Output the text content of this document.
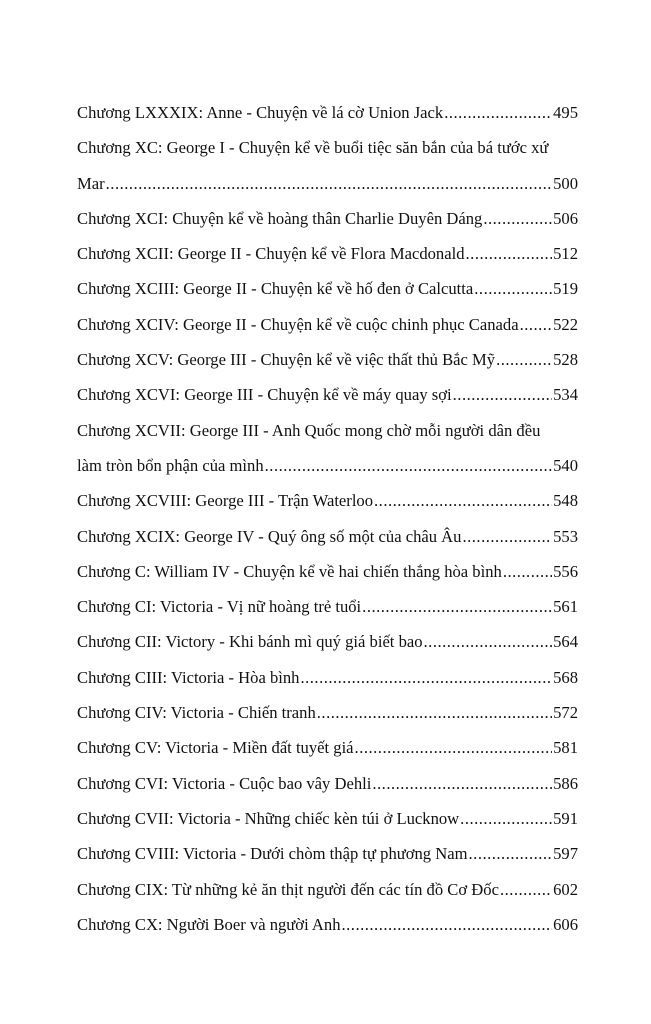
Chương LXXXIX: Anne - Chuyện về lá cờ Union Jack .....	495
Chương XC: George I - Chuyện kể về buổi tiệc săn bắn của bá tước xứ
Mar .....	500
Chương XCI: Chuyện kể về hoàng thân Charlie Duyên Dáng .....	506
Chương XCII: George II - Chuyện kể về Flora Macdonald .....	512
Chương XCIII: George II - Chuyện kể về hố đen ở Calcutta .....	519
Chương XCIV: George II - Chuyện kể về cuộc chinh phục Canada ..... 522
Chương XCV: George III - Chuyện kể về việc thất thủ Bắc Mỹ .....	528
Chương XCVI: George III - Chuyện kể về máy quay sợi .....	534
Chương XCVII: George III - Anh Quốc mong chờ mỗi người dân đều
làm tròn bổn phận của mình .....	540
Chương XCVIII: George III - Trận Waterloo .....	548
Chương XCIX: George IV - Quý ông số một của châu Âu .....	553
Chương C: William IV - Chuyện kể về hai chiến thắng hòa bình .....	556
Chương CI: Victoria - Vị nữ hoàng trẻ tuổi .....	561
Chương CII: Victory - Khi bánh mì quý giá biết bao .....	564
Chương CIII: Victoria - Hòa bình .....	568
Chương CIV: Victoria - Chiến tranh .....	572
Chương CV: Victoria - Miền đất tuyết giá .....	581
Chương CVI: Victoria - Cuộc bao vây Dehli .....	586
Chương CVII: Victoria - Những chiếc kèn túi ở Lucknow .....	591
Chương CVIII: Victoria - Dưới chòm thập tự phương Nam .....	597
Chương CIX: Từ những kẻ ăn thịt người đến các tín đồ Cơ Đốc .....	602
Chương CX: Người Boer và người Anh .....	606
